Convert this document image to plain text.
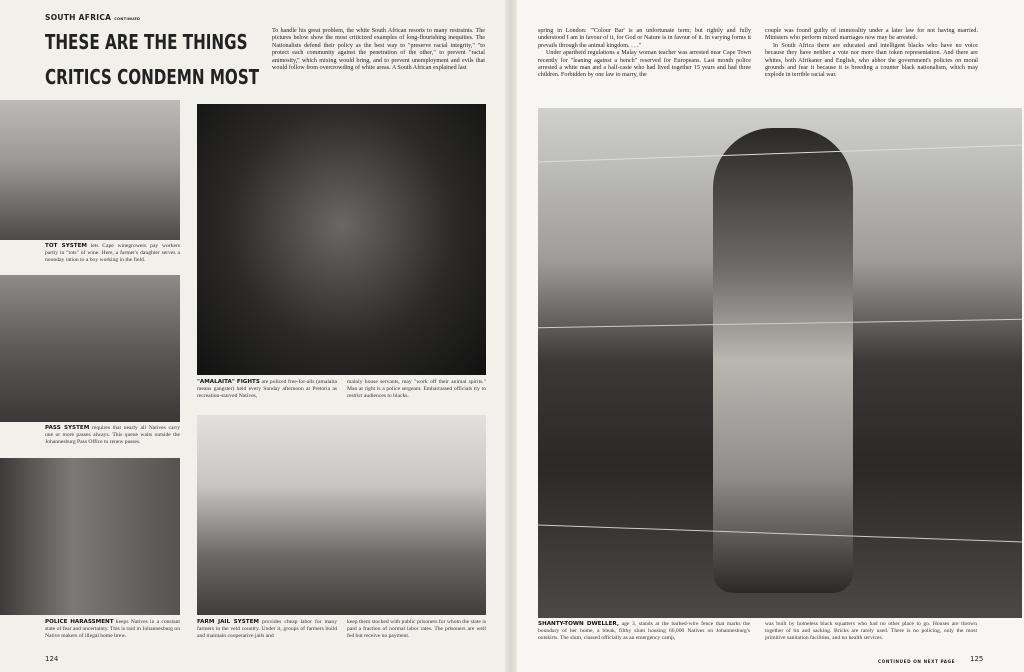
SOUTH AFRICA CONTINUED
THESE ARE THE THINGS
CRITICS CONDEMN MOST

To handle his great problem, the white South African resorts to many restraints. The pictures below show the most criticized examples of long-flourishing inequities. The Nationalists defend their policy as the best way to "preserve racial integrity," "to protect each community against the penetration of the other," to prevent "racial animosity," which mixing would bring, and to prevent unemployment and evils that would follow from overcrowding of white areas. A South African explained last

TOT SYSTEM lets Cape winegrowers pay workers partly in "tots" of wine. Here, a farmer's daughter serves a noonday ration to a boy working in the field.
PASS SYSTEM requires that nearly all Natives carry one or more passes always. This queue waits outside the Johannesburg Pass Office to renew passes.
POLICE HARASSMENT keeps Natives in a constant state of fear and uncertainty. This is raid in Johannesburg on Native makers of illegal home brew.
"AMALAITA" FIGHTS are policed free-for-alls (amalaita means gangster) held every Sunday afternoon at Pretoria as recreation-starved Natives,
mainly house servants, may "work off their animal spirits." Man at right is a police sergeant. Embarrassed officials try to restrict audiences to blacks.
FARM JAIL SYSTEM provides cheap labor for many farmers in the veld country. Under it, groups of farmers build and maintain cooperative jails and
keep them stocked with public prisoners for whom the state is paid a fraction of normal labor rates. The prisoners are well fed but receive no payment.
124

spring in London: "'Colour Bar' is an unfortunate term; but rightly and fully understood I am in favour of it, for God or Nature is in favour of it. In varying forms it prevails through the animal kingdom. . . ."

Under apartheid regulations a Malay woman teacher was arrested near Cape Town recently for "leaning against a bench" reserved for Europeans. Last month police arrested a white man and a half-caste who had lived together 15 years and had three children. Forbidden by one law to marry, the

couple was found guilty of immorality under a later law for not having married. Ministers who perform mixed marriages now may be arrested.

In South Africa there are educated and intelligent blacks who have no voice because they have neither a vote nor more than token representation. And there are whites, both Afrikaner and English, who abhor the government's policies on moral grounds and fear it because it is breeding a counter black nationalism, which may explode in terrible racial war.

SHANTY-TOWN DWELLER, age 3, stands at the barbed-wire fence that marks the boundary of her home, a bleak, filthy slum housing 60,000 Natives on Johannesburg's outskirts. The slum, classed officially as an emergency camp,
was built by homeless black squatters who had no other place to go. Houses are thrown together of tin and sacking. Bricks are rarely used. There is no policing, only the most primitive sanitation facilities, and no health services.
CONTINUED ON NEXT PAGE 125
